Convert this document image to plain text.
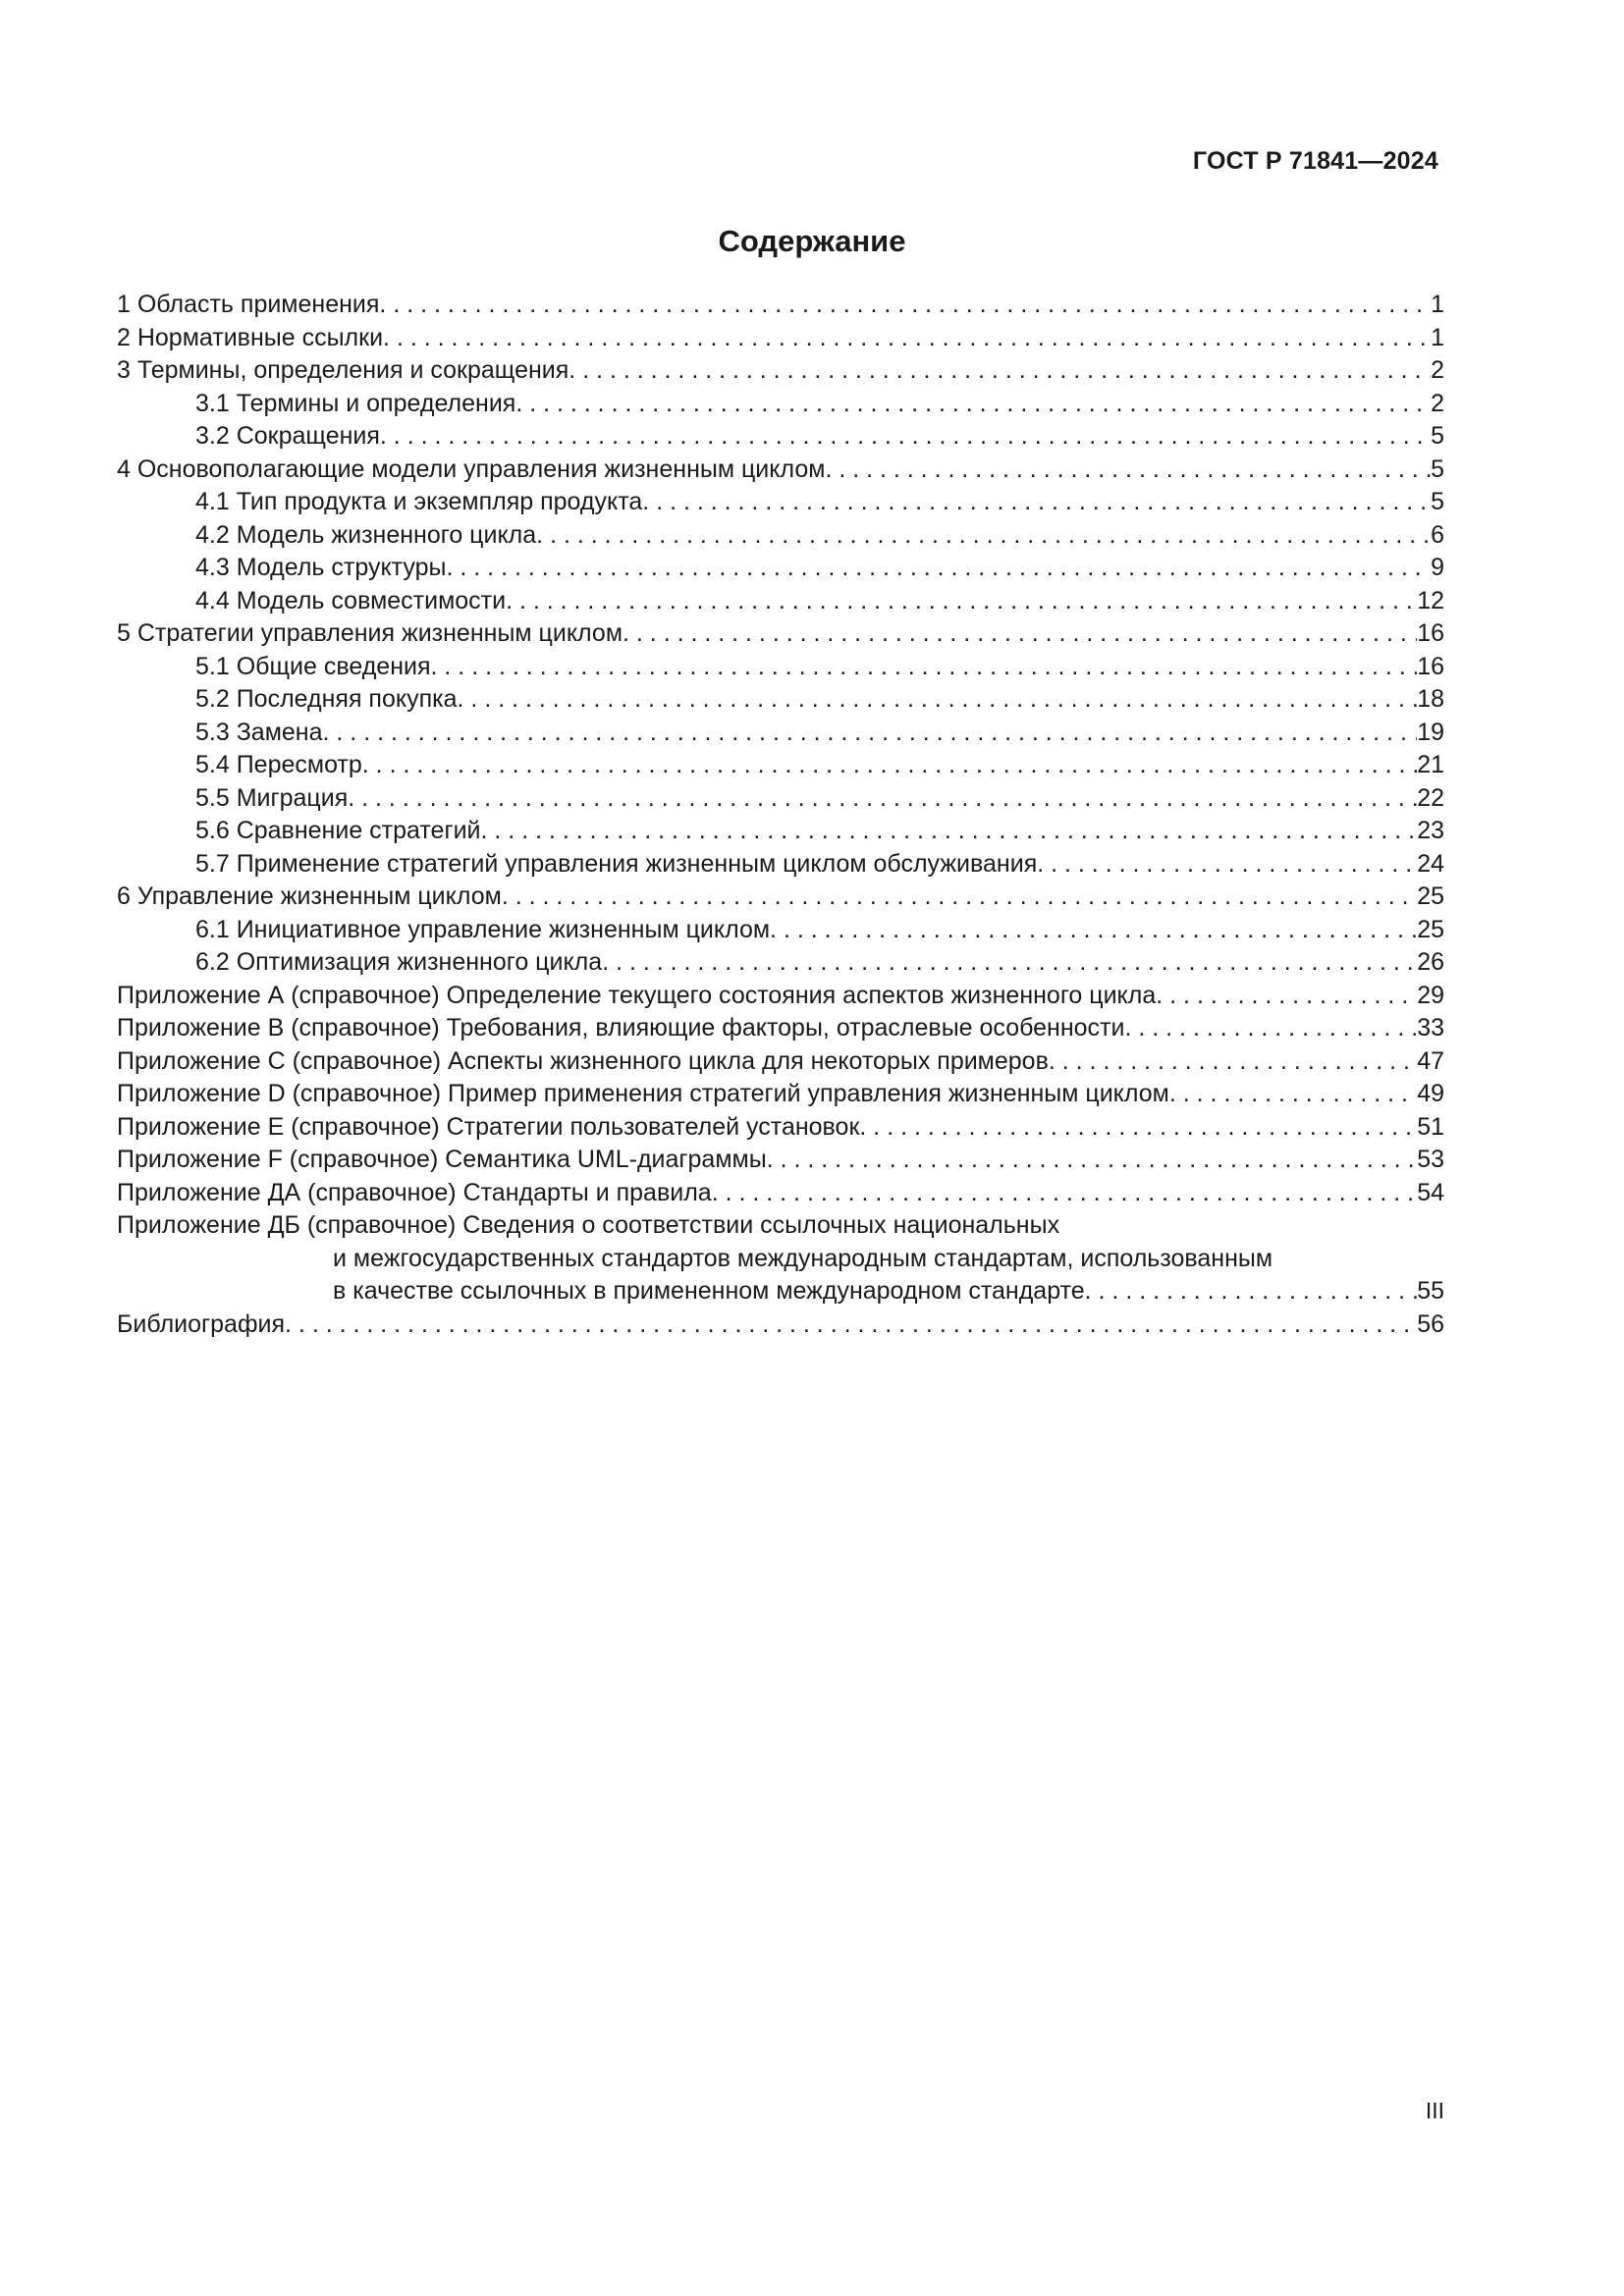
ГОСТ Р 71841—2024
Содержание
1 Область применения . . .	1
2 Нормативные ссылки . . .	1
3 Термины, определения и сокращения . . .	2
3.1 Термины и определения . . .	2
3.2 Сокращения . . .	5
4 Основополагающие модели управления жизненным циклом . . .	5
4.1 Тип продукта и экземпляр продукта . . .	5
4.2 Модель жизненного цикла . . .	6
4.3 Модель структуры . . .	9
4.4 Модель совместимости . . .	12
5 Стратегии управления жизненным циклом . . .	16
5.1 Общие сведения . . .	16
5.2 Последняя покупка . . .	18
5.3 Замена . . .	19
5.4 Пересмотр . . .	21
5.5 Миграция . . .	22
5.6 Сравнение стратегий . . .	23
5.7 Применение стратегий управления жизненным циклом обслуживания . . .	24
6 Управление жизненным циклом . . .	25
6.1 Инициативное управление жизненным циклом . . .	25
6.2 Оптимизация жизненного цикла . . .	26
Приложение А (справочное) Определение текущего состояния аспектов жизненного цикла . . .	29
Приложение В (справочное) Требования, влияющие факторы, отраслевые особенности . . .	33
Приложение С (справочное) Аспекты жизненного цикла для некоторых примеров . . .	47
Приложение D (справочное) Пример применения стратегий управления жизненным циклом . . .	49
Приложение Е (справочное) Стратегии пользователей установок . . .	51
Приложение F (справочное) Семантика UML-диаграммы . . .	53
Приложение ДА (справочное) Стандарты и правила . . .	54
Приложение ДБ (справочное) Сведения о соответствии ссылочных национальных
и межгосударственных стандартов международным стандартам, использованным
в качестве ссылочных в примененном международном стандарте . . .	55
Библиография . . .	56
III
